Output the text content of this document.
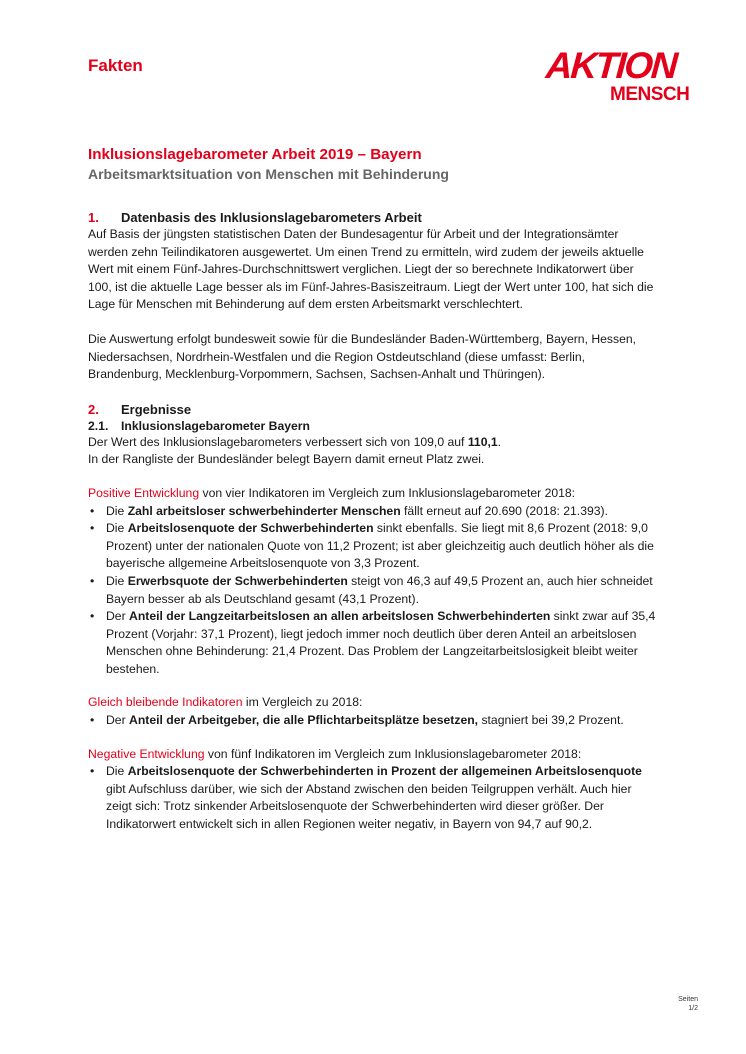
Fakten	AKTION
MENSCH
Inklusionslagebarometer Arbeit 2019 – Bayern
Arbeitsmarktsituation von Menschen mit Behinderung
1.	Datenbasis des Inklusionslagebarometers Arbeit

Auf Basis der jüngsten statistischen Daten der Bundesagentur für Arbeit und der Integrationsämter werden zehn Teilindikatoren ausgewertet. Um einen Trend zu ermitteln, wird zudem der jeweils aktuelle Wert mit einem Fünf-Jahres-Durchschnittswert verglichen. Liegt der so berechnete Indikatorwert über 100, ist die aktuelle Lage besser als im Fünf-Jahres-Basiszeitraum. Liegt der Wert unter 100, hat sich die Lage für Menschen mit Behinderung auf dem ersten Arbeitsmarkt verschlechtert.

Die Auswertung erfolgt bundesweit sowie für die Bundesländer Baden-Württemberg, Bayern, Hessen, Niedersachsen, Nordrhein-Westfalen und die Region Ostdeutschland (diese umfasst: Berlin, Brandenburg, Mecklenburg-Vorpommern, Sachsen, Sachsen-Anhalt und Thüringen).

2.	Ergebnisse
2.1.	Inklusionslagebarometer Bayern

Der Wert des Inklusionslagebarometers verbessert sich von 109,0 auf 110,1.

In der Rangliste der Bundesländer belegt Bayern damit erneut Platz zwei.

Positive Entwicklung von vier Indikatoren im Vergleich zum Inklusionslagebarometer 2018:

• Die Zahl arbeitsloser schwerbehinderter Menschen fällt erneut auf 20.690 (2018: 21.393).
• Die Arbeitslosenquote der Schwerbehinderten sinkt ebenfalls. Sie liegt mit 8,6 Prozent (2018: 9,0 Prozent) unter der nationalen Quote von 11,2 Prozent; ist aber gleichzeitig auch deutlich höher als die bayerische allgemeine Arbeitslosenquote von 3,3 Prozent.
• Die Erwerbsquote der Schwerbehinderten steigt von 46,3 auf 49,5 Prozent an, auch hier schneidet Bayern besser ab als Deutschland gesamt (43,1 Prozent).
• Der Anteil der Langzeitarbeitslosen an allen arbeitslosen Schwerbehinderten sinkt zwar auf 35,4 Prozent (Vorjahr: 37,1 Prozent), liegt jedoch immer noch deutlich über deren Anteil an arbeitslosen Menschen ohne Behinderung: 21,4 Prozent. Das Problem der Langzeitarbeitslosigkeit bleibt weiter bestehen.

Gleich bleibende Indikatoren im Vergleich zu 2018:

• Der Anteil der Arbeitgeber, die alle Pflichtarbeitsplätze besetzen, stagniert bei 39,2 Prozent.

Negative Entwicklung von fünf Indikatoren im Vergleich zum Inklusionslagebarometer 2018:

• Die Arbeitslosenquote der Schwerbehinderten in Prozent der allgemeinen Arbeitslosenquote gibt Aufschluss darüber, wie sich der Abstand zwischen den beiden Teilgruppen verhält. Auch hier zeigt sich: Trotz sinkender Arbeitslosenquote der Schwerbehinderten wird dieser größer. Der Indikatorwert entwickelt sich in allen Regionen weiter negativ, in Bayern von 94,7 auf 90,2.
Seiten
1/2
